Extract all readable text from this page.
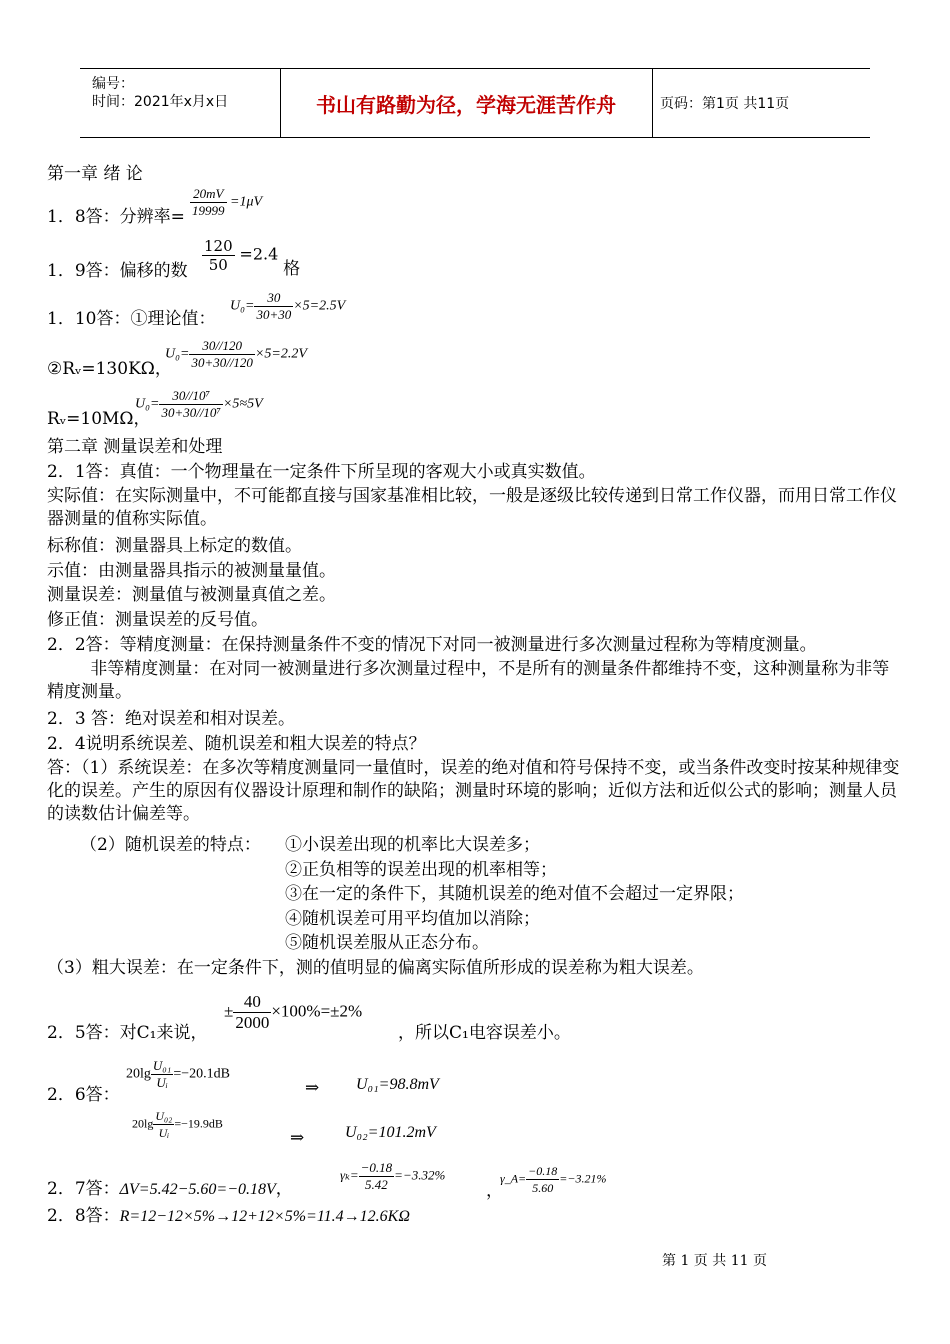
编号：
时间：2021年x月x日	书山有路勤为径，学海无涯苦作舟	页码：第1页 共11页
第一章 绪 论
1．8答：分辨率= $\frac{20mV}{19999} =1\mu V$
1．9答：偏移的数 $\frac{120}{50} =2.4$ 格
1．10答：①理论值：
$U_0= \frac{30}{30+30} \times 5=2.5V$
②Rᵥ=130KΩ，
$U_0= \frac{30//120}{30+30//120} \times 5=2.2V$
Rᵥ=10MΩ，
$U_0= \frac{\text{30//10⁷}}{\text{30+30//10⁷}} \times 5\approx 5V$
第二章 测量误差和处理
2．1答：真值：一个物理量在一定条件下所呈现的客观大小或真实数值。
实际值：在实际测量中，不可能都直接与国家基准相比较，一般是逐级比较传递到日常工作仪器，而用日常工作仪器测量的值称实际值。
标称值：测量器具上标定的数值。
示值：由测量器具指示的被测量量值。
测量误差：测量值与被测量真值之差。
修正值：测量误差的反号值。
2．2答：等精度测量：在保持测量条件不变的情况下对同一被测量进行多次测量过程称为等精度测量。
非等精度测量：在对同一被测量进行多次测量过程中，不是所有的测量条件都维持不变，这种测量称为非等精度测量。
2．3 答：绝对误差和相对误差。
2．4说明系统误差、随机误差和粗大误差的特点？
答：（1）系统误差：在多次等精度测量同一量值时，误差的绝对值和符号保持不变，或当条件改变时按某种规律变化的误差。产生的原因有仪器设计原理和制作的缺陷；测量时环境的影响；近似方法和近似公式的影响；测量人员的读数估计偏差等。
（2）随机误差的特点： ①小误差出现的机率比大误差多；
②正负相等的误差出现的机率相等；
③在一定的条件下，其随机误差的绝对值不会超过一定界限；
④随机误差可用平均值加以消除；
⑤随机误差服从正态分布。
（3）粗大误差：在一定条件下，测的值明显的偏离实际值所形成的误差称为粗大误差。
2．5答：对C₁来说，
± $\frac{40}{2000} \times 100\%=\pm 2\%$
，所以C₁电容误差小。
2．6答：
$20\lg \frac{\text{U₀₁}}{\text{Uᵢ}} =-20.1dB$
⇒ U₀₁=98.8mV
$20\lg \frac{\text{U₀₂}}{\text{Uᵢ}} =-19.9dB$
⇒	U₀₂=101.2mV
2．7答：ΔV=5.42−5.60=−0.18V，
$\gamma_k= \frac{-0.18}{5.42} =-3.32\%$
，
γ_A= $\frac{-0.18}{5.60} =-3.21\%$
2．8答：R=12−12×5%→12+12×5%=11.4→12.6KΩ
第 1 页 共 11 页
